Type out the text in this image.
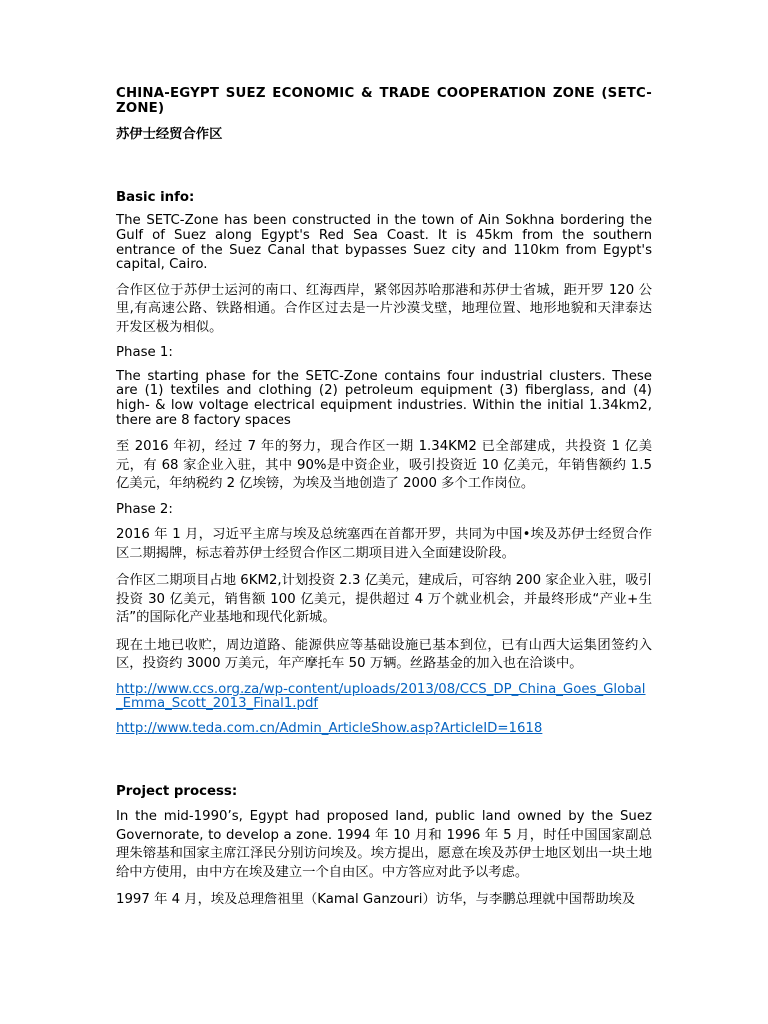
CHINA-EGYPT SUEZ ECONOMIC & TRADE COOPERATION ZONE (SETC-ZONE)
苏伊士经贸合作区
Basic info:

The SETC-Zone has been constructed in the town of Ain Sokhna bordering the Gulf of Suez along Egypt's Red Sea Coast. It is 45km from the southern entrance of the Suez Canal that bypasses Suez city and 110km from Egypt's capital, Cairo.

合作区位于苏伊士运河的南口、红海西岸，紧邻因苏哈那港和苏伊士省城，距开罗 120 公里,有高速公路、铁路相通。合作区过去是一片沙漠戈壁，地理位置、地形地貌和天津泰达开发区极为相似。

Phase 1:

The starting phase for the SETC-Zone contains four industrial clusters. These are (1) textiles and clothing (2) petroleum equipment (3) fiberglass, and (4) high- & low voltage electrical equipment industries. Within the initial 1.34km2, there are 8 factory spaces

至 2016 年初，经过 7 年的努力，现合作区一期 1.34KM2 已全部建成，共投资 1 亿美元，有 68 家企业入驻，其中 90%是中资企业，吸引投资近 10 亿美元，年销售额约 1.5 亿美元，年纳税约 2 亿埃镑，为埃及当地创造了 2000 多个工作岗位。

Phase 2:

2016 年 1 月，习近平主席与埃及总统塞西在首都开罗，共同为中国•埃及苏伊士经贸合作区二期揭牌，标志着苏伊士经贸合作区二期项目进入全面建设阶段。

合作区二期项目占地 6KM2,计划投资 2.3 亿美元，建成后，可容纳 200 家企业入驻，吸引投资 30 亿美元，销售额 100 亿美元，提供超过 4 万个就业机会，并最终形成“产业+生活”的国际化产业基地和现代化新城。

现在土地已收贮，周边道路、能源供应等基础设施已基本到位，已有山西大运集团签约入区，投资约 3000 万美元，年产摩托车 50 万辆。丝路基金的加入也在洽谈中。

http://www.ccs.org.za/wp-content/uploads/2013/08/CCS_DP_China_Goes_Global_Emma_Scott_2013_Final1.pdf
http://www.teda.com.cn/Admin_ArticleShow.asp?ArticleID=1618
Project process:

In the mid-1990’s, Egypt had proposed land, public land owned by the Suez Governorate, to develop a zone. 1994 年 10 月和 1996 年 5 月，时任中国国家副总理朱镕基和国家主席江泽民分别访问埃及。埃方提出，愿意在埃及苏伊士地区划出一块土地给中方使用，由中方在埃及建立一个自由区。中方答应对此予以考虑。

1997 年 4 月，埃及总理詹祖里（Kamal Ganzouri）访华，与李鹏总理就中国帮助埃及
